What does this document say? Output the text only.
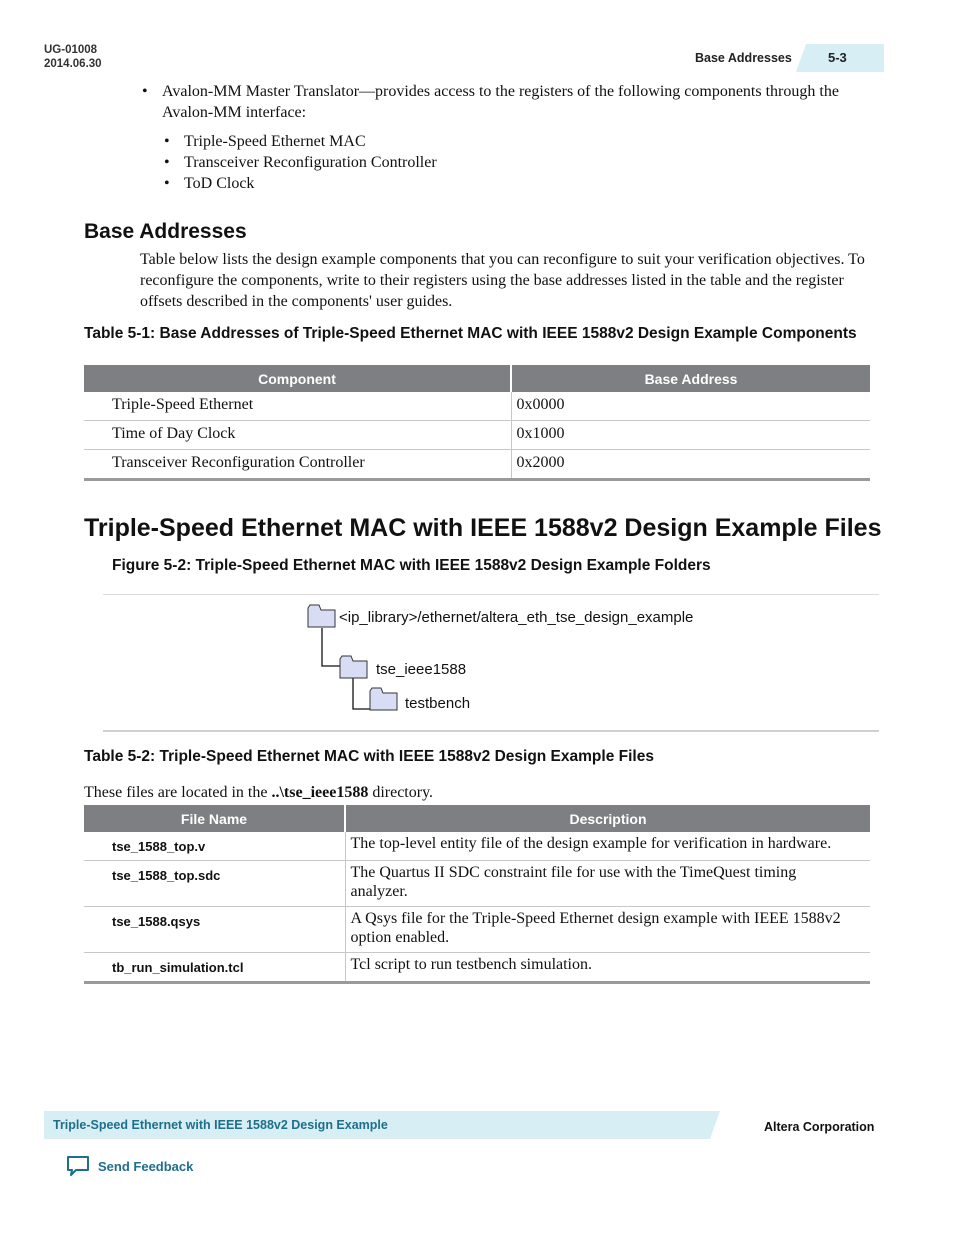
UG-01008
2014.06.30	Base Addresses	5-3
• Avalon-MM Master Translator—provides access to the registers of the following components through the Avalon-MM interface:
• Triple-Speed Ethernet MAC
• Transceiver Reconfiguration Controller
• ToD Clock
Base Addresses
Table below lists the design example components that you can reconfigure to suit your verification objectives. To reconfigure the components, write to their registers using the base addresses listed in the table and the register offsets described in the components' user guides.
Table 5-1: Base Addresses of Triple-Speed Ethernet MAC with IEEE 1588v2 Design Example Components
Component	Base Address
Triple-Speed Ethernet	0x0000
Time of Day Clock	0x1000
Transceiver Reconfiguration Controller	0x2000
Triple-Speed Ethernet MAC with IEEE 1588v2 Design Example Files
Figure 5-2: Triple-Speed Ethernet MAC with IEEE 1588v2 Design Example Folders
<ip_library>/ethernet/altera_eth_tse_design_example
tse_ieee1588
testbench
Table 5-2: Triple-Speed Ethernet MAC with IEEE 1588v2 Design Example Files
These files are located in the ..\tse_ieee1588 directory.
File Name	Description
tse_1588_top.v	The top-level entity file of the design example for verification in hardware.
tse_1588_top.sdc	The Quartus II SDC constraint file for use with the TimeQuest timing analyzer.
tse_1588.qsys	A Qsys file for the Triple-Speed Ethernet design example with IEEE 1588v2 option enabled.
tb_run_simulation.tcl	Tcl script to run testbench simulation.
Triple-Speed Ethernet with IEEE 1588v2 Design Example	Altera Corporation
Send Feedback
